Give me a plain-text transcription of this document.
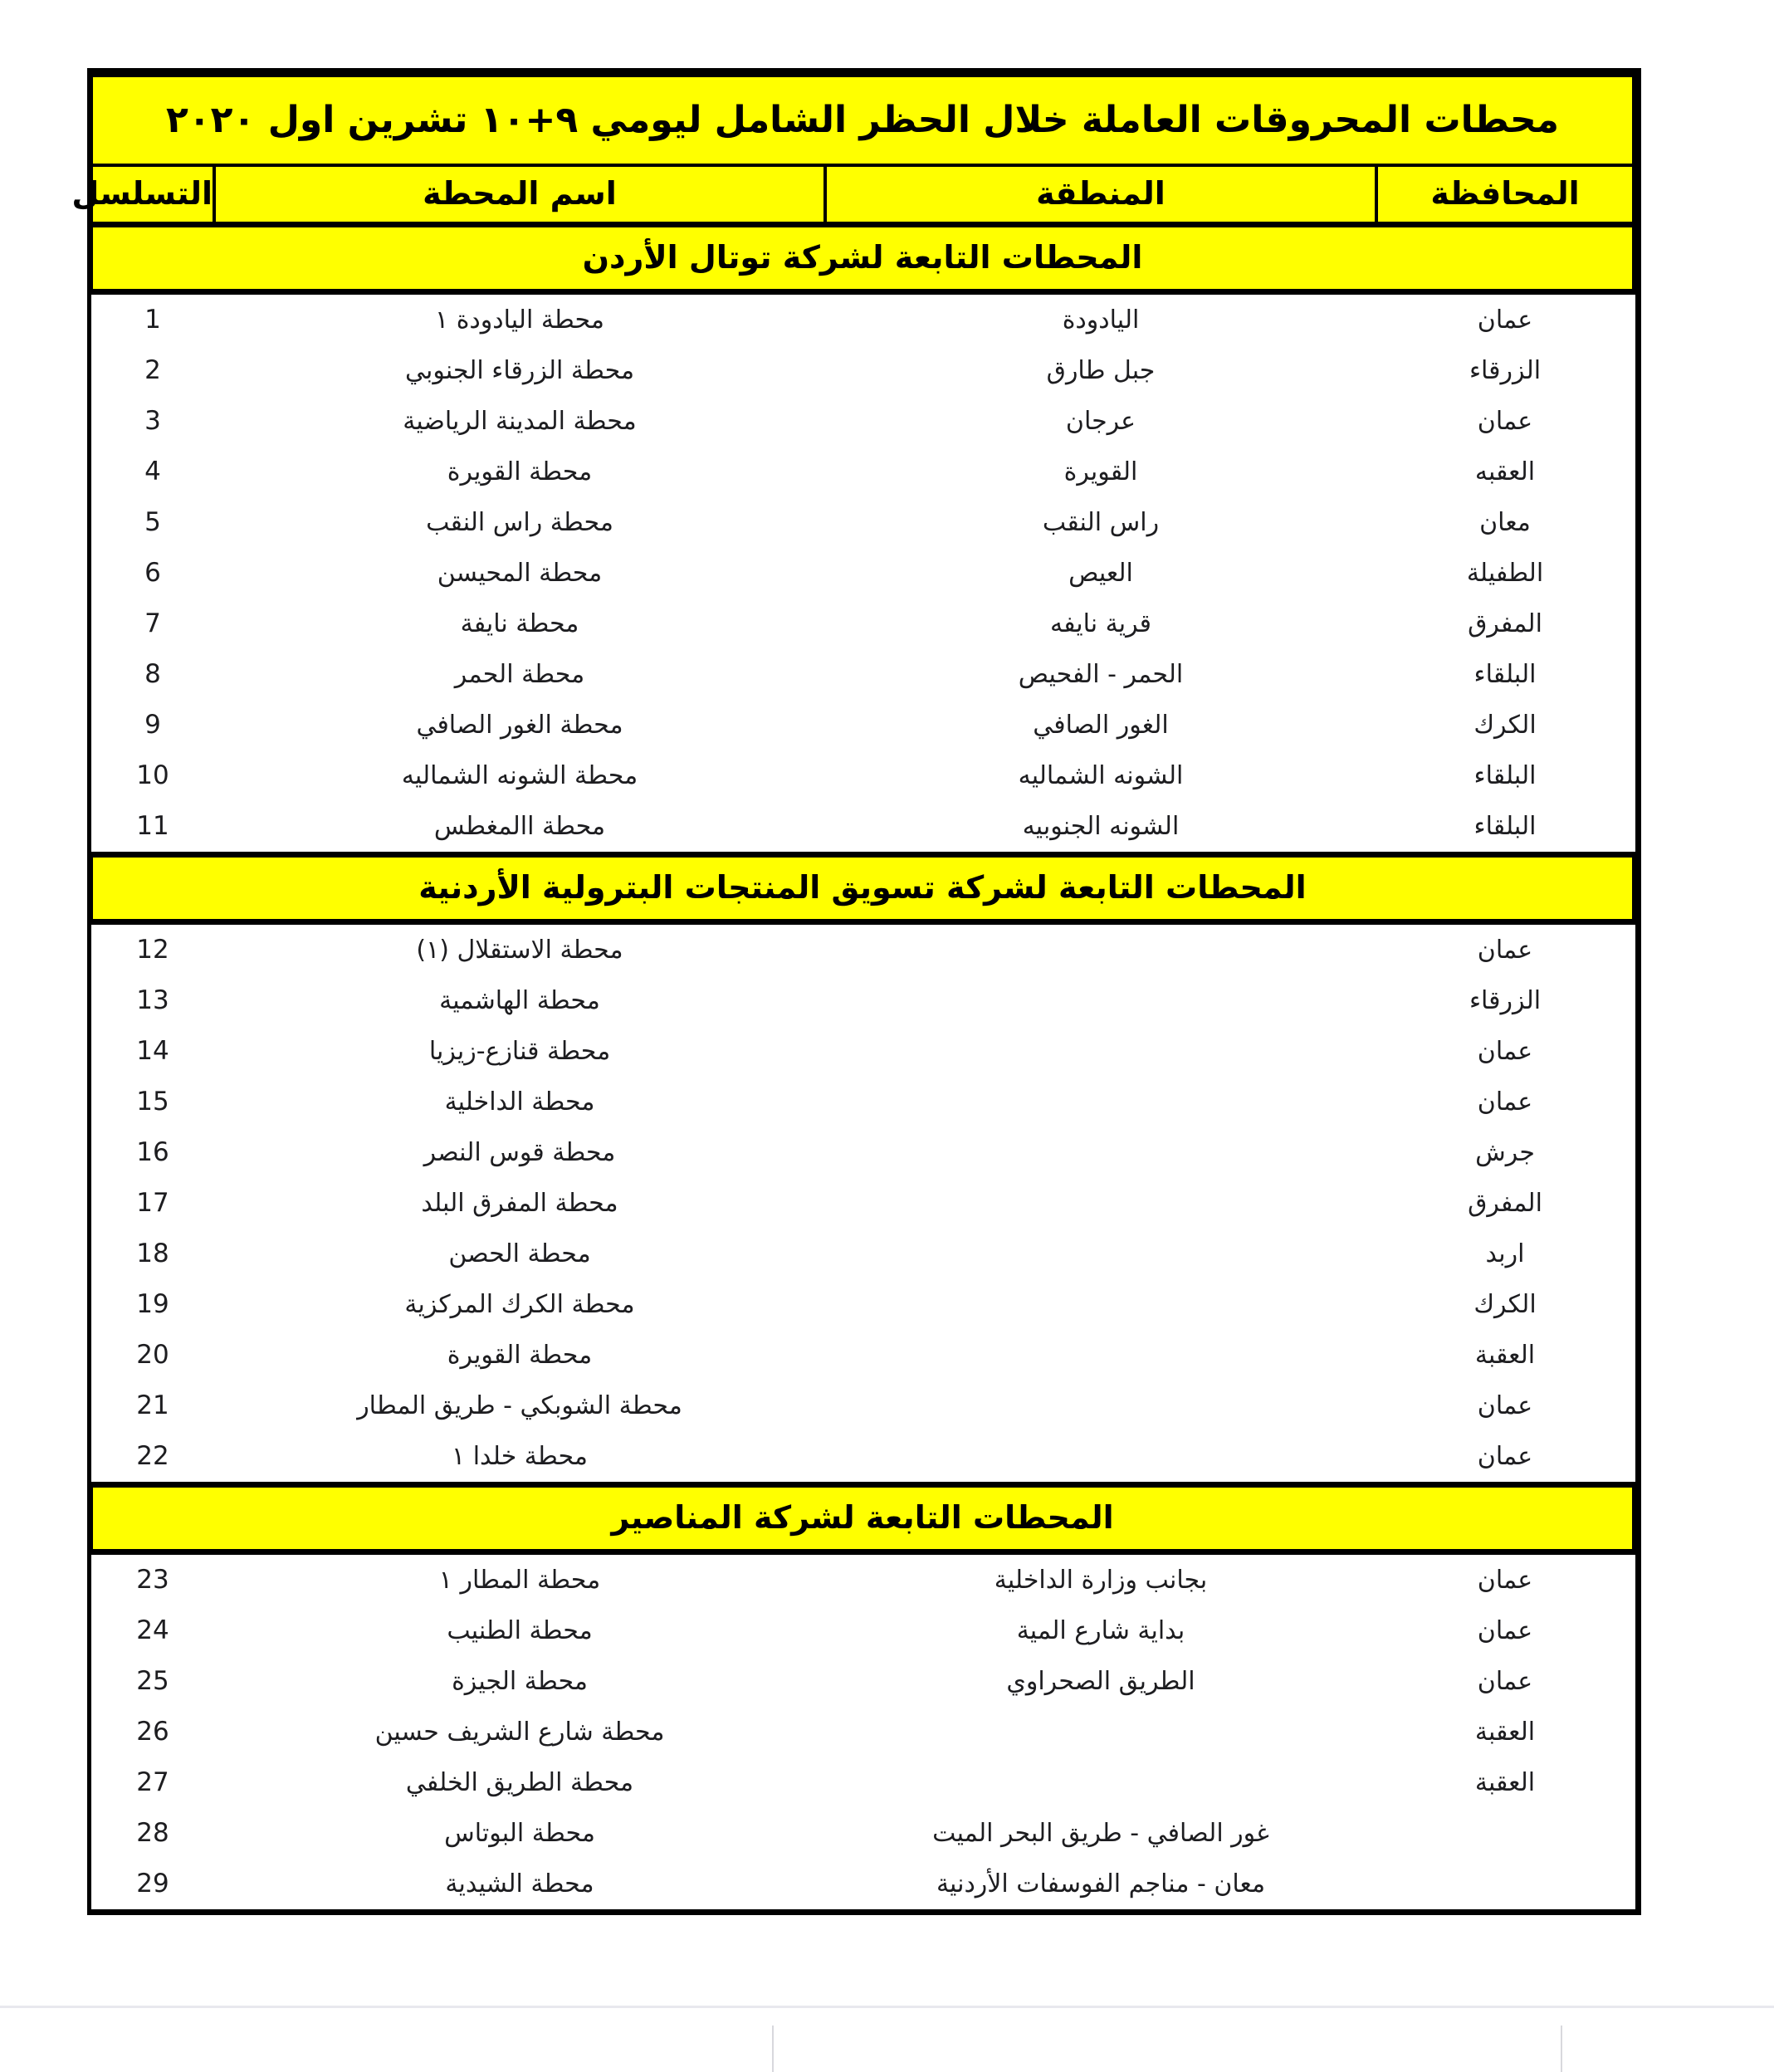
محطات المحروقات العاملة خلال الحظر الشامل ليومي ٩+١٠ تشرين اول ٢٠٢٠			
المحافظة	المنطقة	اسم المحطة	التسلسل
المحطات التابعة لشركة توتال الأردن			
عمان	اليادودة	محطة اليادودة ١	1
الزرقاء	جبل طارق	محطة الزرقاء الجنوبي	2
عمان	عرجان	محطة المدينة الرياضية	3
العقبه	القويرة	محطة القويرة	4
معان	راس النقب	محطة راس النقب	5
الطفيلة	العيص	محطة المحيسن	6
المفرق	قرية نايفه	محطة نايفة	7
البلقاء	الحمر - الفحيص	محطة الحمر	8
الكرك	الغور الصافي	محطة الغور الصافي	9
البلقاء	الشونه الشماليه	محطة الشونه الشماليه	10
البلقاء	الشونه الجنوبيه	محطة االمغطس	11
المحطات التابعة لشركة تسويق المنتجات البترولية الأردنية			
عمان		محطة الاستقلال (١)	12
الزرقاء		محطة الهاشمية	13
عمان		محطة قنازع-زيزيا	14
عمان		محطة الداخلية	15
جرش		محطة قوس النصر	16
المفرق		محطة المفرق البلد	17
اربد		محطة الحصن	18
الكرك		محطة الكرك المركزية	19
العقبة		محطة القويرة	20
عمان		محطة الشوبكي - طريق المطار	21
عمان		محطة خلدا ١	22
المحطات التابعة لشركة المناصير			
عمان	بجانب وزارة الداخلية	محطة المطار ١	23
عمان	بداية شارع المية	محطة الطنيب	24
عمان	الطريق الصحراوي	محطة الجيزة	25
العقبة		محطة شارع الشريف حسين	26
العقبة		محطة الطريق الخلفي	27
	غور الصافي - طريق البحر الميت	محطة البوتاس	28
	معان - مناجم الفوسفات الأردنية	محطة الشيدية	29
